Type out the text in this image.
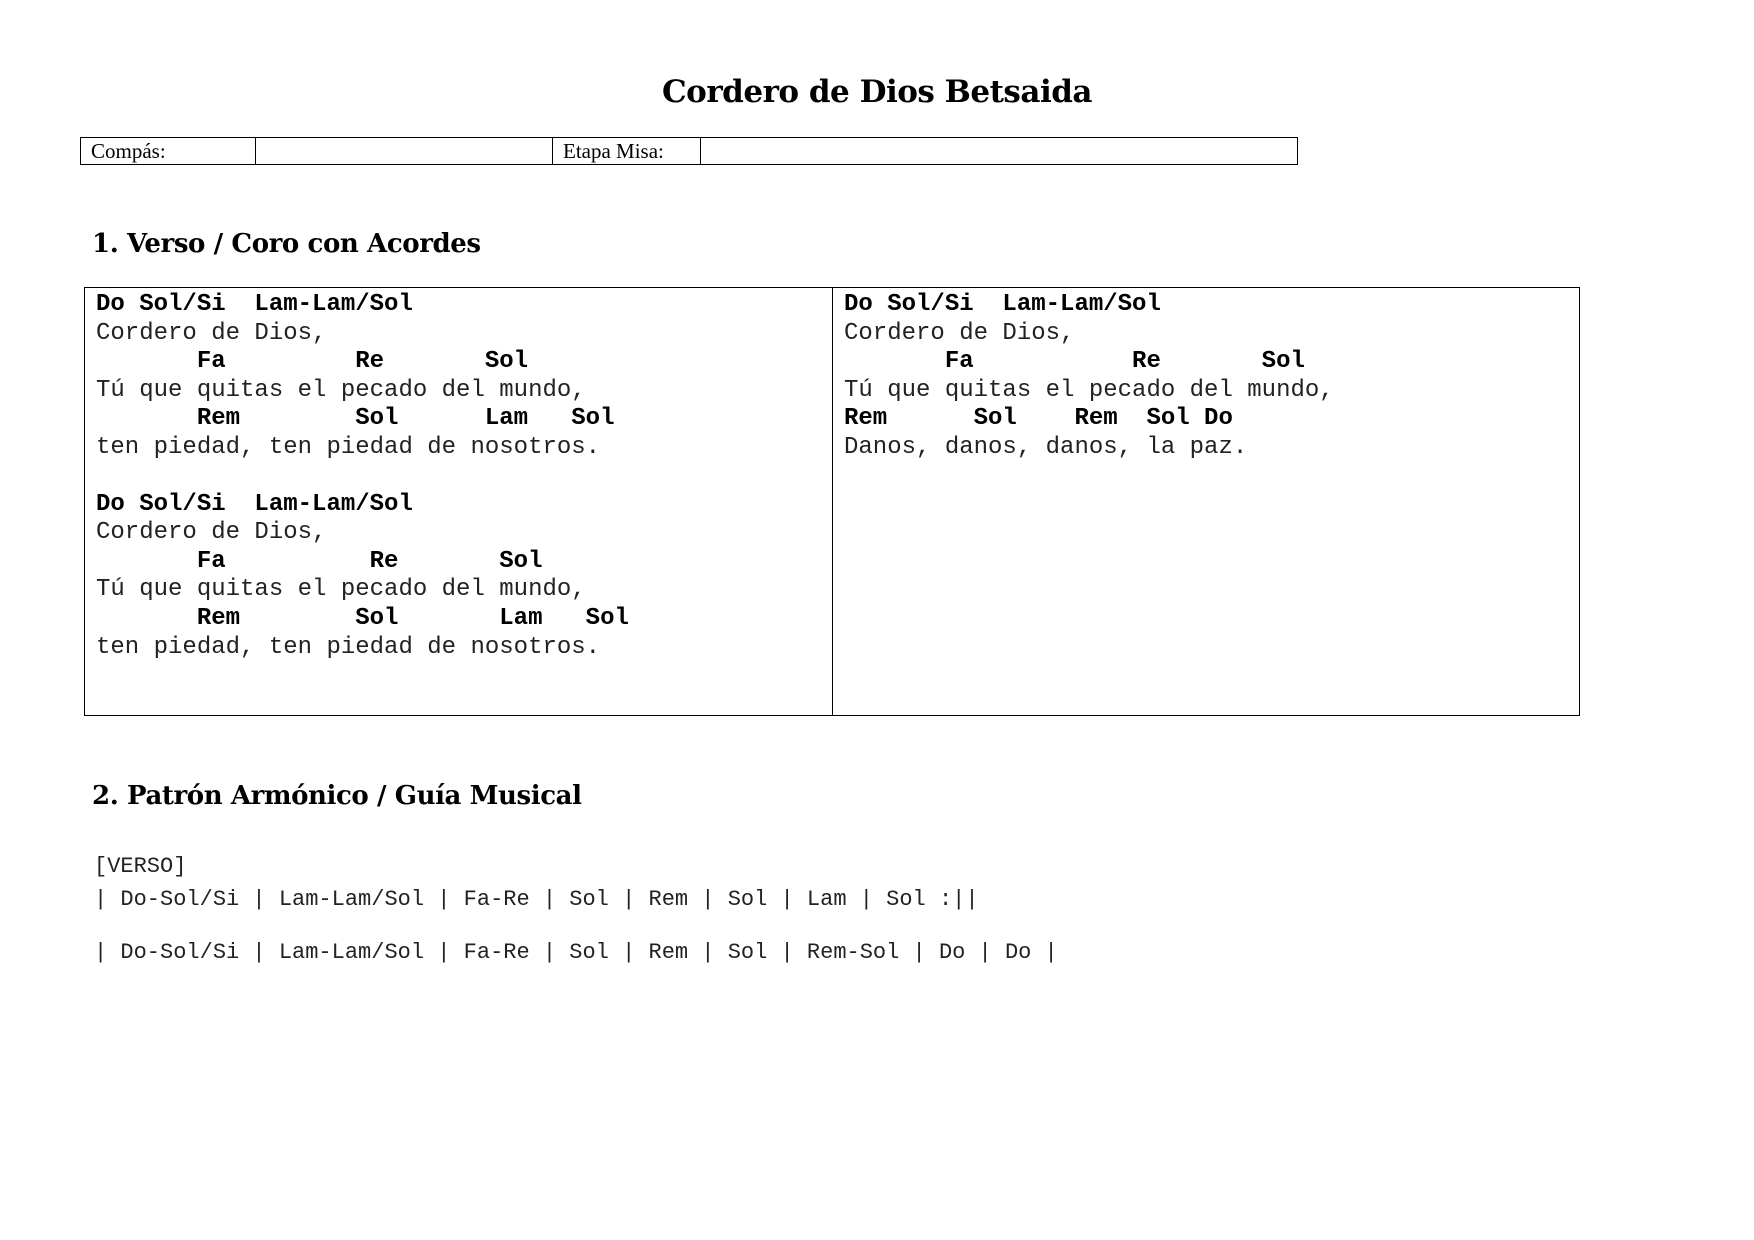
Cordero de Dios Betsaida
Compás:		Etapa Misa:	
1. Verso / Coro con Acordes
Do Sol/Si  Lam-Lam/Sol
Cordero de Dios,
Fa         Re       Sol
Tú que quitas el pecado del mundo,
Rem        Sol      Lam   Sol
ten piedad, ten piedad de nosotros.
Do Sol/Si  Lam-Lam/Sol
Cordero de Dios,
Fa          Re       Sol
Tú que quitas el pecado del mundo,
Rem        Sol       Lam   Sol
ten piedad, ten piedad de nosotros.
Do Sol/Si  Lam-Lam/Sol
Cordero de Dios,
Fa           Re       Sol
Tú que quitas el pecado del mundo,
Rem      Sol    Rem  Sol Do
Danos, danos, danos, la paz.
2. Patrón Armónico / Guía Musical
[VERSO]
| Do-Sol/Si | Lam-Lam/Sol | Fa-Re | Sol | Rem | Sol | Lam | Sol :||
| Do-Sol/Si | Lam-Lam/Sol | Fa-Re | Sol | Rem | Sol | Rem-Sol | Do | Do |
